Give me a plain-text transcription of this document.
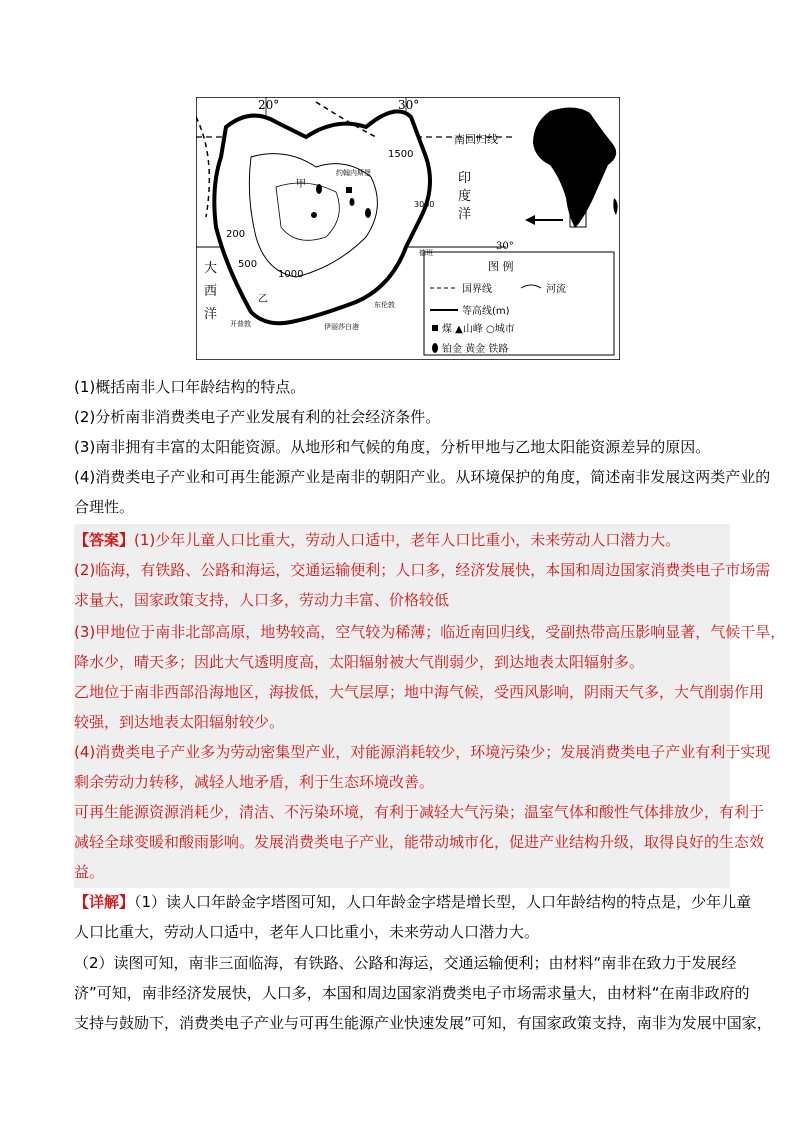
20°	30°
南回归线
30°
印
度
洋
大
西
洋
1500
1000
500
200
3000
甲
乙
开普敦	伊丽莎白港
东伦敦
德班
约翰内斯堡
图 例
国界线	河流
等高线(m)
煤 ▲山峰 ○城市
铂金 黄金 铁路
(1)概括南非人口年龄结构的特点。
(2)分析南非消费类电子产业发展有利的社会经济条件。
(3)南非拥有丰富的太阳能资源。从地形和气候的角度，分析甲地与乙地太阳能资源差异的原因。
(4)消费类电子产业和可再生能源产业是南非的朝阳产业。从环境保护的角度，简述南非发展这两类产业的
合理性。
【答案】(1)少年儿童人口比重大，劳动人口适中，老年人口比重小，未来劳动人口潜力大。
(2)临海，有铁路、公路和海运，交通运输便利；人口多，经济发展快，本国和周边国家消费类电子市场需
求量大，国家政策支持，人口多，劳动力丰富、价格较低
(3)甲地位于南非北部高原，地势较高，空气较为稀薄；临近南回归线，受副热带高压影响显著，气候干旱，
降水少，晴天多；因此大气透明度高，太阳辐射被大气削弱少，到达地表太阳辐射多。
乙地位于南非西部沿海地区，海拔低，大气层厚；地中海气候，受西风影响，阴雨天气多，大气削弱作用
较强，到达地表太阳辐射较少。
(4)消费类电子产业多为劳动密集型产业，对能源消耗较少，环境污染少；发展消费类电子产业有利于实现
剩余劳动力转移，减轻人地矛盾，利于生态环境改善。
可再生能源资源消耗少，清洁、不污染环境，有利于减轻大气污染；温室气体和酸性气体排放少，有利于
减轻全球变暖和酸雨影响。发展消费类电子产业，能带动城市化，促进产业结构升级，取得良好的生态效
益。
【详解】（1）读人口年龄金字塔图可知，人口年龄金字塔是增长型，人口年龄结构的特点是，少年儿童
人口比重大，劳动人口适中，老年人口比重小，未来劳动人口潜力大。
（2）读图可知，南非三面临海，有铁路、公路和海运，交通运输便利；由材料“南非在致力于发展经
济”可知，南非经济发展快，人口多，本国和周边国家消费类电子市场需求量大，由材料“在南非政府的
支持与鼓励下，消费类电子产业与可再生能源产业快速发展”可知，有国家政策支持，南非为发展中国家，
